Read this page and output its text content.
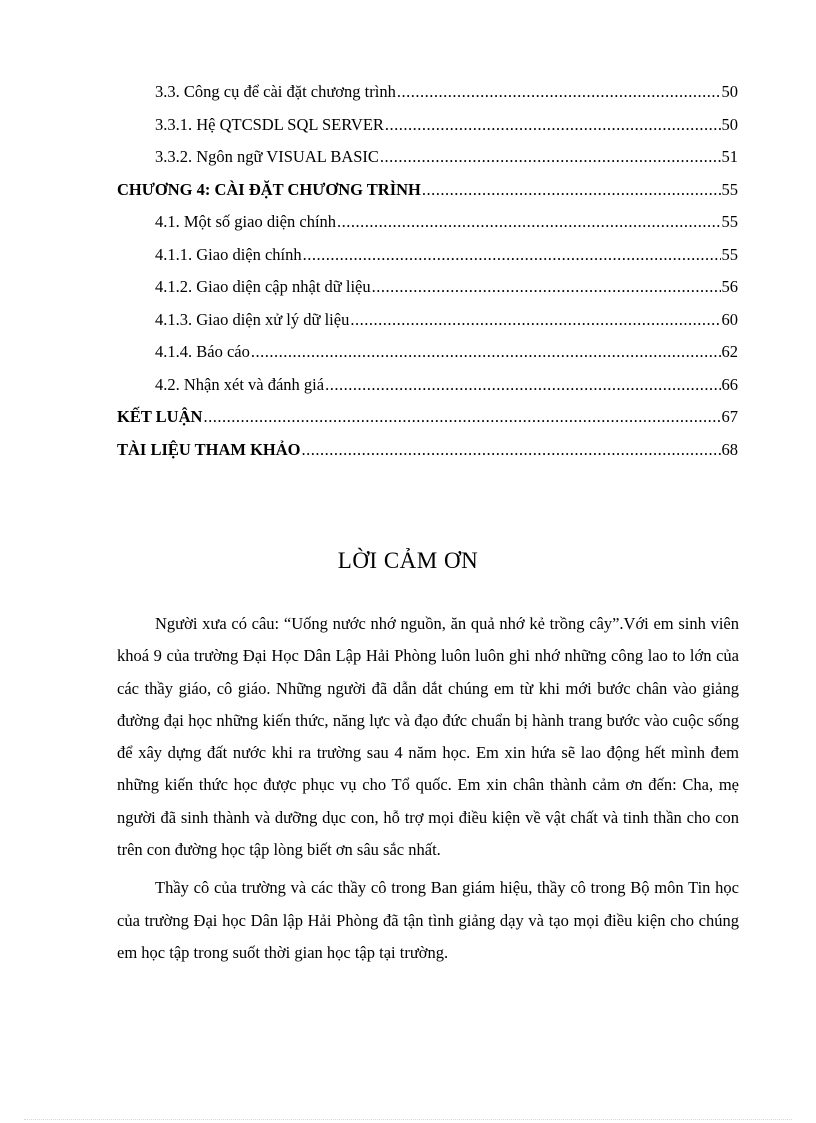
3.3. Công cụ để cài đặt chương trình .....	50
3.3.1. Hệ QTCSDL SQL SERVER .....	50
3.3.2. Ngôn ngữ VISUAL BASIC .....	51
CHƯƠNG 4: CÀI ĐẶT CHƯƠNG TRÌNH .....	55
4.1. Một số giao diện chính .....	55
4.1.1. Giao diện chính .....	55
4.1.2. Giao diện cập nhật dữ liệu .....	56
4.1.3. Giao diện xử lý dữ liệu .....	60
4.1.4. Báo cáo .....	62
4.2. Nhận xét và đánh giá .....	66
KẾT LUẬN .....	67
TÀI LIỆU THAM KHẢO .....	68
LỜI CẢM ƠN

Người xưa có câu: “Uống nước nhớ nguồn, ăn quả nhớ kẻ trồng cây”.Với em sinh viên khoá 9 của trường Đại Học Dân Lập Hải Phòng luôn luôn ghi nhớ những công lao to lớn của các thầy giáo, cô giáo. Những người đã dẫn dắt chúng em từ khi mới bước chân vào giảng đường đại học những kiến thức, năng lực và đạo đức chuẩn bị hành trang bước vào cuộc sống để xây dựng đất nước khi ra trường sau 4 năm học. Em xin hứa sẽ lao động hết mình đem những kiến thức học được phục vụ cho Tổ quốc. Em xin chân thành cảm ơn đến: Cha, mẹ người đã sinh thành và dưỡng dục con, hỗ trợ mọi điều kiện về vật chất và tinh thần cho con trên con đường học tập lòng biết ơn sâu sắc nhất.

Thầy cô của trường và các thầy cô trong Ban giám hiệu, thầy cô trong Bộ môn Tin học của trường Đại học Dân lập Hải Phòng đã tận tình giảng dạy và tạo mọi điều kiện cho chúng em học tập trong suốt thời gian học tập tại trường.
